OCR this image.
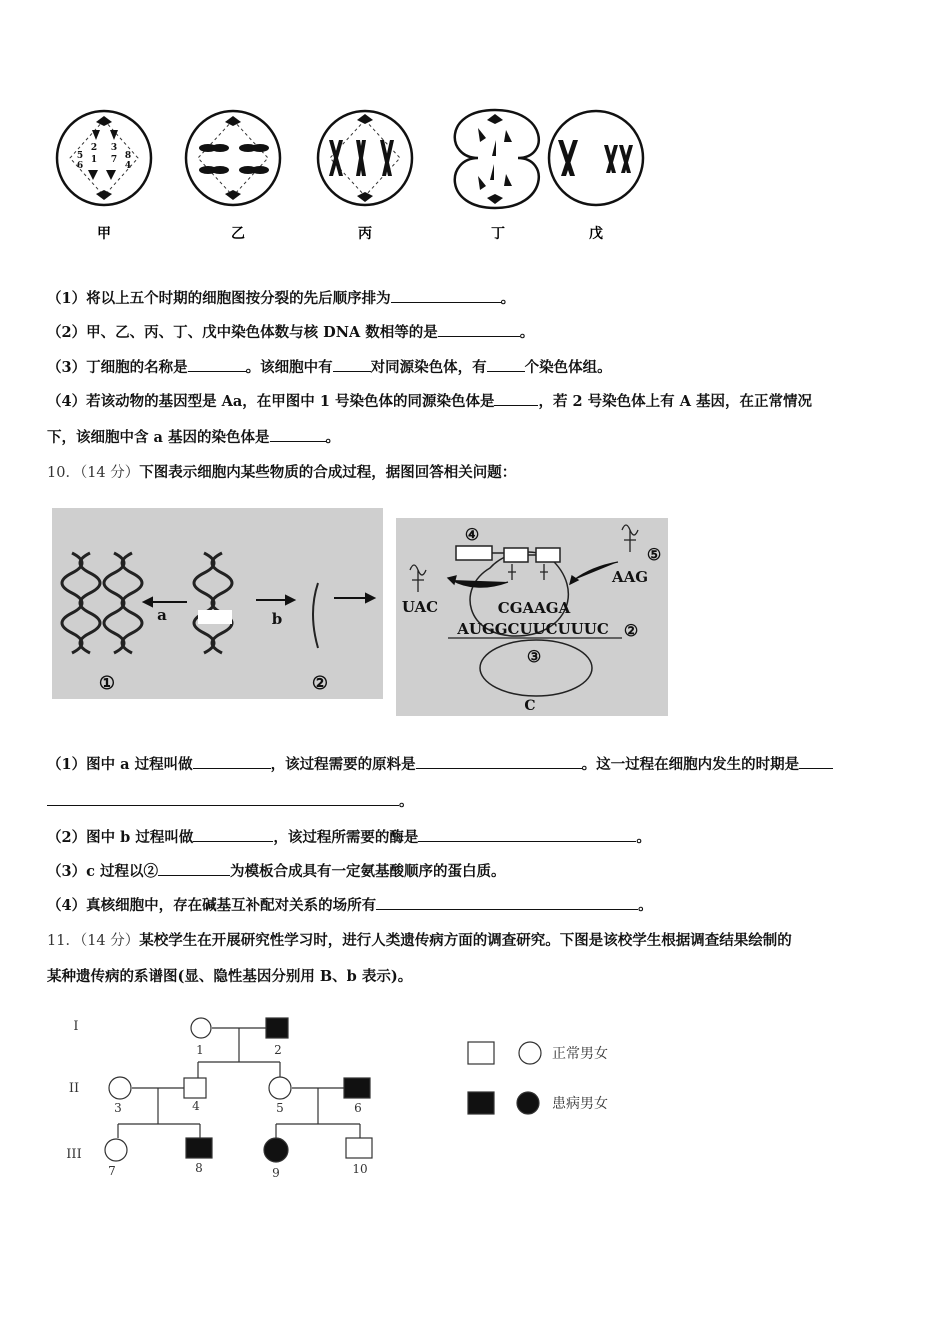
5
2 3
8
6
1 7
4
甲	乙	丙	丁	戊
（1）将以上五个时期的细胞图按分裂的先后顺序排为	。
（2）甲、乙、丙、丁、戊中染色体数与核 DNA 数相等的是	。
（3）丁细胞的名称是	。该细胞中有	对同源染色体，有	个染色体组。
（4）若该动物的基因型是 Aa，在甲图中 1 号染色体的同源染色体是	，若 2 号染色体上有 A 基因，在正常情况
下，该细胞中含 a 基因的染色体是	。
10．（14 分）下图表示细胞内某些物质的合成过程，据图回答相关问题：
a	b
①	②
④
⑤
UAC
AAG
CGAAGA
AUGGCUUCUUUC ②
③
C
（1）图中 a 过程叫做	，该过程需要的原料是	。这一过程在细胞内发生的时期是
。
（2）图中 b 过程叫做	，该过程所需要的酶是	。
（3）c 过程以②	为模板合成具有一定氨基酸顺序的蛋白质。
（4）真核细胞中，存在碱基互补配对关系的场所有	。
11．（14 分）某校学生在开展研究性学习时，进行人类遗传病方面的调查研究。下图是该校学生根据调查结果绘制的
某种遗传病的系谱图(显、隐性基因分别用 B、b 表示)。
I
II
III
1	2
3	4	5	6
7	8	9	10
正常男女
患病男女
